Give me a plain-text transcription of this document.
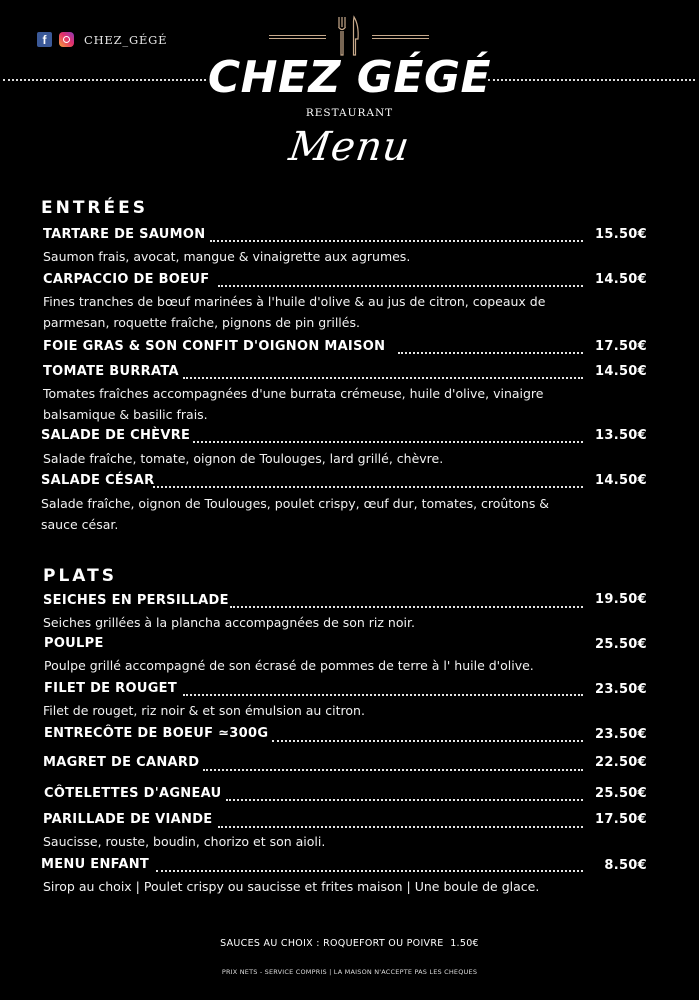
f	CHEZ_GÉGÉ
CHEZ GÉGÉ
RESTAURANT
Menu
ENTRÉES
TARTARE DE SAUMON	15.50€
Saumon frais, avocat, mangue & vinaigrette aux agrumes.
CARPACCIO DE BOEUF	14.50€
Fines tranches de bœuf marinées à l'huile d'olive & au jus de citron, copeaux de parmesan, roquette fraîche, pignons de pin grillés.
FOIE GRAS & SON CONFIT D'OIGNON MAISON	17.50€
TOMATE BURRATA	14.50€
Tomates fraîches accompagnées d'une burrata crémeuse, huile d'olive, vinaigre balsamique & basilic frais.
SALADE DE CHÈVRE	13.50€
Salade fraîche, tomate, oignon de Toulouges, lard grillé, chèvre.
SALADE CÉSAR	14.50€
Salade fraîche, oignon de Toulouges, poulet crispy, œuf dur, tomates, croûtons & sauce césar.
PLATS
SEICHES EN PERSILLADE	19.50€
Seiches grillées à la plancha accompagnées de son riz noir.
POULPE	25.50€
Poulpe grillé accompagné de son écrasé de pommes de terre à l' huile d'olive.
FILET DE ROUGET	23.50€
Filet de rouget, riz noir & et son émulsion au citron.
ENTRECÔTE DE BOEUF ≃300G	23.50€
MAGRET DE CANARD	22.50€
CÔTELETTES D'AGNEAU	25.50€
PARILLADE DE VIANDE	17.50€
Saucisse, rouste, boudin, chorizo et son aioli.
MENU ENFANT	8.50€
Sirop au choix | Poulet crispy ou saucisse et frites maison | Une boule de glace.
SAUCES AU CHOIX : ROQUEFORT OU POIVRE  1.50€
PRIX NETS - SERVICE COMPRIS | LA MAISON N'ACCEPTE PAS LES CHEQUES
